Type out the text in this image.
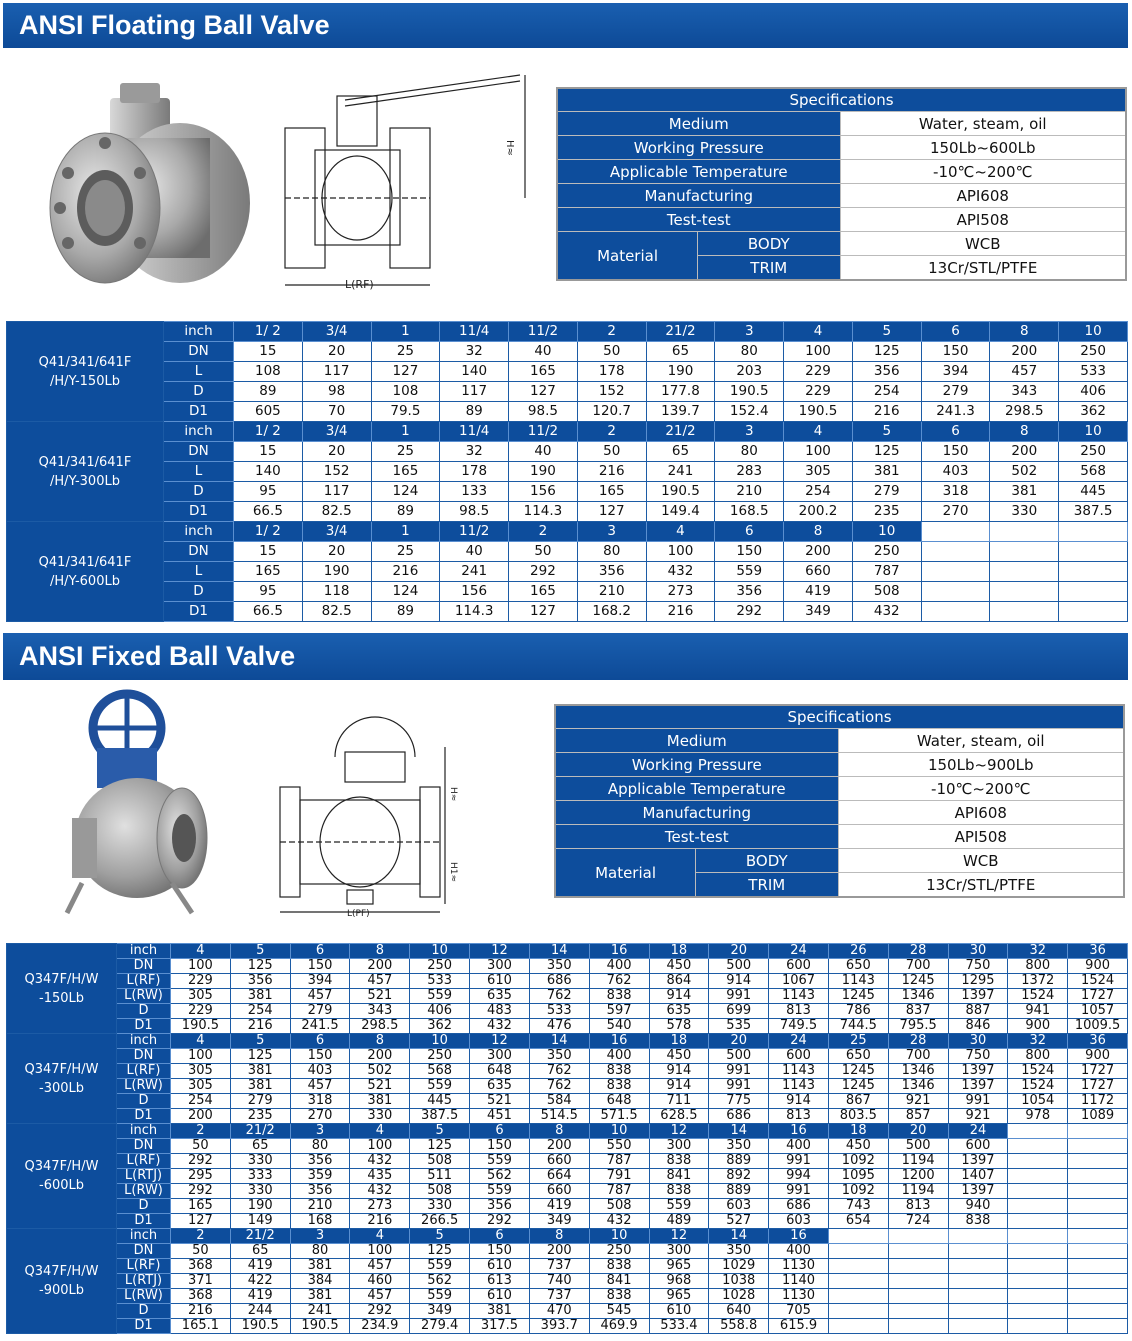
ANSI Floating Ball Valve
L(RF)
H≈
Specifications		
Medium		Water, steam, oil
Working Pressure		150Lb~600Lb
Applicable Temperature		-10℃~200℃
Manufacturing		API608
Test-test		API508
Material	BODY	WCB
	TRIM	13Cr/STL/PTFE
Q41/341/641F
/H/Y-150Lb	inch	1/ 2	3/4	1	11/4	11/2	2	21/2	3	4	5	6	8	10
	DN	15	20	25	32	40	50	65	80	100	125	150	200	250
	L	108	117	127	140	165	178	190	203	229	356	394	457	533
	D	89	98	108	117	127	152	177.8	190.5	229	254	279	343	406
	D1	605	70	79.5	89	98.5	120.7	139.7	152.4	190.5	216	241.3	298.5	362
Q41/341/641F
/H/Y-300Lb	inch	1/ 2	3/4	1	11/4	11/2	2	21/2	3	4	5	6	8	10
	DN	15	20	25	32	40	50	65	80	100	125	150	200	250
	L	140	152	165	178	190	216	241	283	305	381	403	502	568
	D	95	117	124	133	156	165	190.5	210	254	279	318	381	445
	D1	66.5	82.5	89	98.5	114.3	127	149.4	168.5	200.2	235	270	330	387.5
Q41/341/641F
/H/Y-600Lb	inch	1/ 2	3/4	1	11/2	2	3	4	6	8	10			
	DN	15	20	25	40	50	80	100	150	200	250			
	L	165	190	216	241	292	356	432	559	660	787			
	D	95	118	124	156	165	210	273	356	419	508			
	D1	66.5	82.5	89	114.3	127	168.2	216	292	349	432			
ANSI Fixed Ball Valve
L(PF)
H≈
H1≈
Specifications		
Medium		Water, steam, oil
Working Pressure		150Lb~900Lb
Applicable Temperature		-10℃~200℃
Manufacturing		API608
Test-test		API508
Material	BODY	WCB
	TRIM	13Cr/STL/PTFE
Q347F/H/W
-150Lb	inch	4	5	6	8	10	12	14	16	18	20	24	26	28	30	32	36
	DN	100	125	150	200	250	300	350	400	450	500	600	650	700	750	800	900
	L(RF)	229	356	394	457	533	610	686	762	864	914	1067	1143	1245	1295	1372	1524
	L(RW)	305	381	457	521	559	635	762	838	914	991	1143	1245	1346	1397	1524	1727
	D	229	254	279	343	406	483	533	597	635	699	813	786	837	887	941	1057
	D1	190.5	216	241.5	298.5	362	432	476	540	578	535	749.5	744.5	795.5	846	900	1009.5
Q347F/H/W
-300Lb	inch	4	5	6	8	10	12	14	16	18	20	24	25	28	30	32	36
	DN	100	125	150	200	250	300	350	400	450	500	600	650	700	750	800	900
	L(RF)	305	381	403	502	568	648	762	838	914	991	1143	1245	1346	1397	1524	1727
	L(RW)	305	381	457	521	559	635	762	838	914	991	1143	1245	1346	1397	1524	1727
	D	254	279	318	381	445	521	584	648	711	775	914	867	921	991	1054	1172
	D1	200	235	270	330	387.5	451	514.5	571.5	628.5	686	813	803.5	857	921	978	1089
Q347F/H/W
-600Lb	inch	2	21/2	3	4	5	6	8	10	12	14	16	18	20	24		
	DN	50	65	80	100	125	150	200	550	300	350	400	450	500	600		
	L(RF)	292	330	356	432	508	559	660	787	838	889	991	1092	1194	1397		
	L(RTJ)	295	333	359	435	511	562	664	791	841	892	994	1095	1200	1407		
	L(RW)	292	330	356	432	508	559	660	787	838	889	991	1092	1194	1397		
	D	165	190	210	273	330	356	419	508	559	603	686	743	813	940		
	D1	127	149	168	216	266.5	292	349	432	489	527	603	654	724	838		
Q347F/H/W
-900Lb	inch	2	21/2	3	4	5	6	8	10	12	14	16					
	DN	50	65	80	100	125	150	200	250	300	350	400					
	L(RF)	368	419	381	457	559	610	737	838	965	1029	1130					
	L(RTJ)	371	422	384	460	562	613	740	841	968	1038	1140					
	L(RW)	368	419	381	457	559	610	737	838	965	1028	1130					
	D	216	244	241	292	349	381	470	545	610	640	705					
	D1	165.1	190.5	190.5	234.9	279.4	317.5	393.7	469.9	533.4	558.8	615.9					
